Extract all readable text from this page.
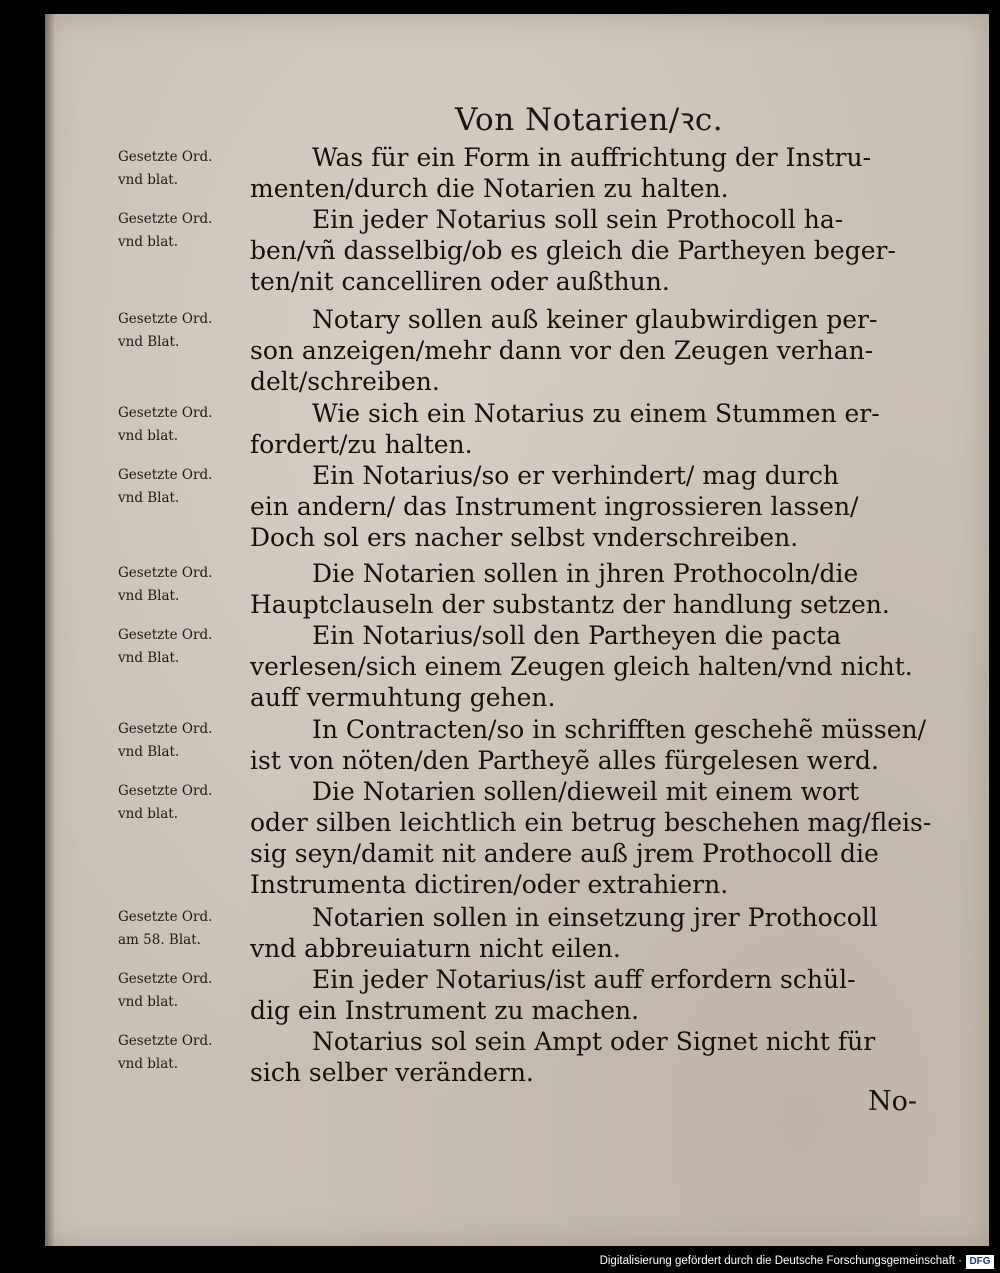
Von Notarien/ꝛc.
Gesetzte Ord.
vnd blat.
Was für ein Form in auffrichtung der Instru-
menten/durch die Notarien zu halten.
Gesetzte Ord.
vnd blat.
Ein jeder Notarius soll sein Prothocoll ha-
ben/vñ dasselbig/ob es gleich die Partheyen beger-
ten/nit cancelliren oder außthun.
Gesetzte Ord.
vnd Blat.
Notary sollen auß keiner glaubwirdigen per-
son anzeigen/mehr dann vor den Zeugen verhan-
delt/schreiben.
Gesetzte Ord.
vnd blat.
Wie sich ein Notarius zu einem Stummen er-
fordert/zu halten.
Gesetzte Ord.
vnd Blat.
Ein Notarius/so er verhindert/ mag durch
ein andern/ das Instrument ingrossieren lassen/
Doch sol ers nacher selbst vnderschreiben.
Gesetzte Ord.
vnd Blat.
Die Notarien sollen in jhren Prothocoln/die
Hauptclauseln der substantz der handlung setzen.
Gesetzte Ord.
vnd Blat.
Ein Notarius/soll den Partheyen die pacta
verlesen/sich einem Zeugen gleich halten/vnd nicht.
auff vermuhtung gehen.
Gesetzte Ord.
vnd Blat.
In Contracten/so in schrifften geschehẽ müssen/
ist von nöten/den Partheyẽ alles fürgelesen werd.
Gesetzte Ord.
vnd blat.
Die Notarien sollen/dieweil mit einem wort
oder silben leichtlich ein betrug beschehen mag/fleis-
sig seyn/damit nit andere auß jrem Prothocoll die
Instrumenta dictiren/oder extrahiern.
Gesetzte Ord.
am 58. Blat.
Notarien sollen in einsetzung jrer Prothocoll
vnd abbreuiaturn nicht eilen.
Gesetzte Ord.
vnd blat.
Ein jeder Notarius/ist auff erfordern schül-
dig ein Instrument zu machen.
Gesetzte Ord.
vnd blat.
Notarius sol sein Ampt oder Signet nicht für
sich selber verändern.
No-
Digitalisierung gefördert durch die Deutsche Forschungsgemeinschaft · DFG
